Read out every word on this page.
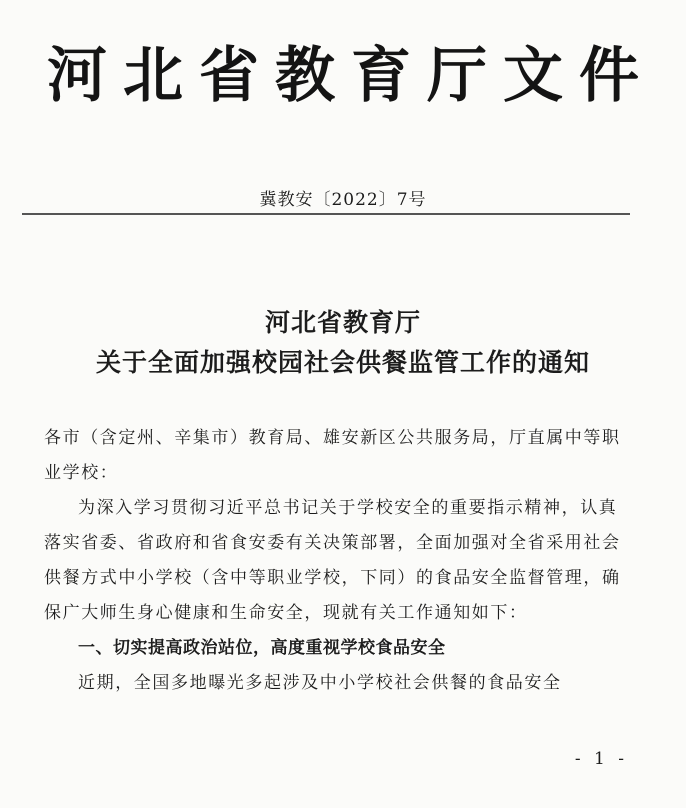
河北省教育厅文件
冀教安〔2022〕7号
河北省教育厅
关于全面加强校园社会供餐监管工作的通知

各市（含定州、辛集市）教育局、雄安新区公共服务局，厅直属中等职业学校：

为深入学习贯彻习近平总书记关于学校安全的重要指示精神，认真落实省委、省政府和省食安委有关决策部署，全面加强对全省采用社会供餐方式中小学校（含中等职业学校，下同）的食品安全监督管理，确保广大师生身心健康和生命安全，现就有关工作通知如下：

一、切实提高政治站位，高度重视学校食品安全

近期，全国多地曝光多起涉及中小学校社会供餐的食品安全

- 1 -
